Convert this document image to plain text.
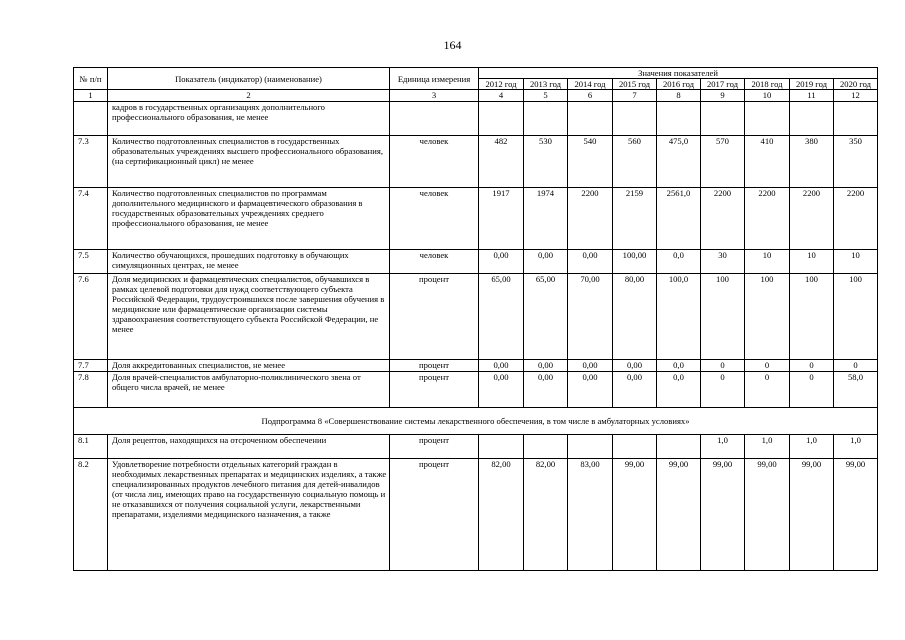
164
№ п/п	Показатель (индикатор) (наименование)	Единица измерения	Значения показателей								
			2012 год	2013 год	2014 год	2015 год	2016 год	2017 год	2018 год	2019 год	2020 год
1	2	3	4	5	6	7	8	9	10	11	12
	кадров в государственных организациях дополнительного профессионального образования, не менее										
7.3	Количество подготовленных специалистов в государственных образовательных учреждениях высшего профессионального образования, (на сертификационный цикл) не менее	человек	482	530	540	560	475,0	570	410	380	350
7.4	Количество подготовленных специалистов по программам дополнительного медицинского и фармацевтического образования в государственных образовательных учреждениях среднего профессионального образования, не менее	человек	1917	1974	2200	2159	2561,0	2200	2200	2200	2200
7.5	Количество обучающихся, прошедших подготовку в обучающих симуляционных центрах, не менее	человек	0,00	0,00	0,00	100,00	0,0	30	10	10	10
7.6	Доля медицинских и фармацевтических специалистов, обучавшихся в рамках целевой подготовки для нужд соответствующего субъекта Российской Федерации, трудоустроившихся после завершения обучения в медицинские или фармацевтические организации системы здравоохранения соответствующего субъекта Российской Федерации, не менее	процент	65,00	65,00	70,00	80,00	100,0	100	100	100	100
7.7	Доля аккредитованных специалистов, не менее	процент	0,00	0,00	0,00	0,00	0,0	0	0	0	0
7.8	Доля врачей-специалистов амбулаторно-поликлинического звена от общего числа врачей, не менее	процент	0,00	0,00	0,00	0,00	0,0	0	0	0	58,0
Подпрограмма 8 «Совершенствование системы лекарственного обеспечения, в том числе в амбулаторных условиях»											
8.1	Доля рецептов, находящихся на отсроченном обеспечении	процент						1,0	1,0	1,0	1,0
8.2	Удовлетворение потребности отдельных категорий граждан в необходимых лекарственных препаратах и медицинских изделиях, а также специализированных продуктов лечебного питания для детей-инвалидов (от числа лиц, имеющих право на государственную социальную помощь и не отказавшихся от получения социальной услуги, лекарственными препаратами, изделиями медицинского назначения, а также	процент	82,00	82,00	83,00	99,00	99,00	99,00	99,00	99,00	99,00
